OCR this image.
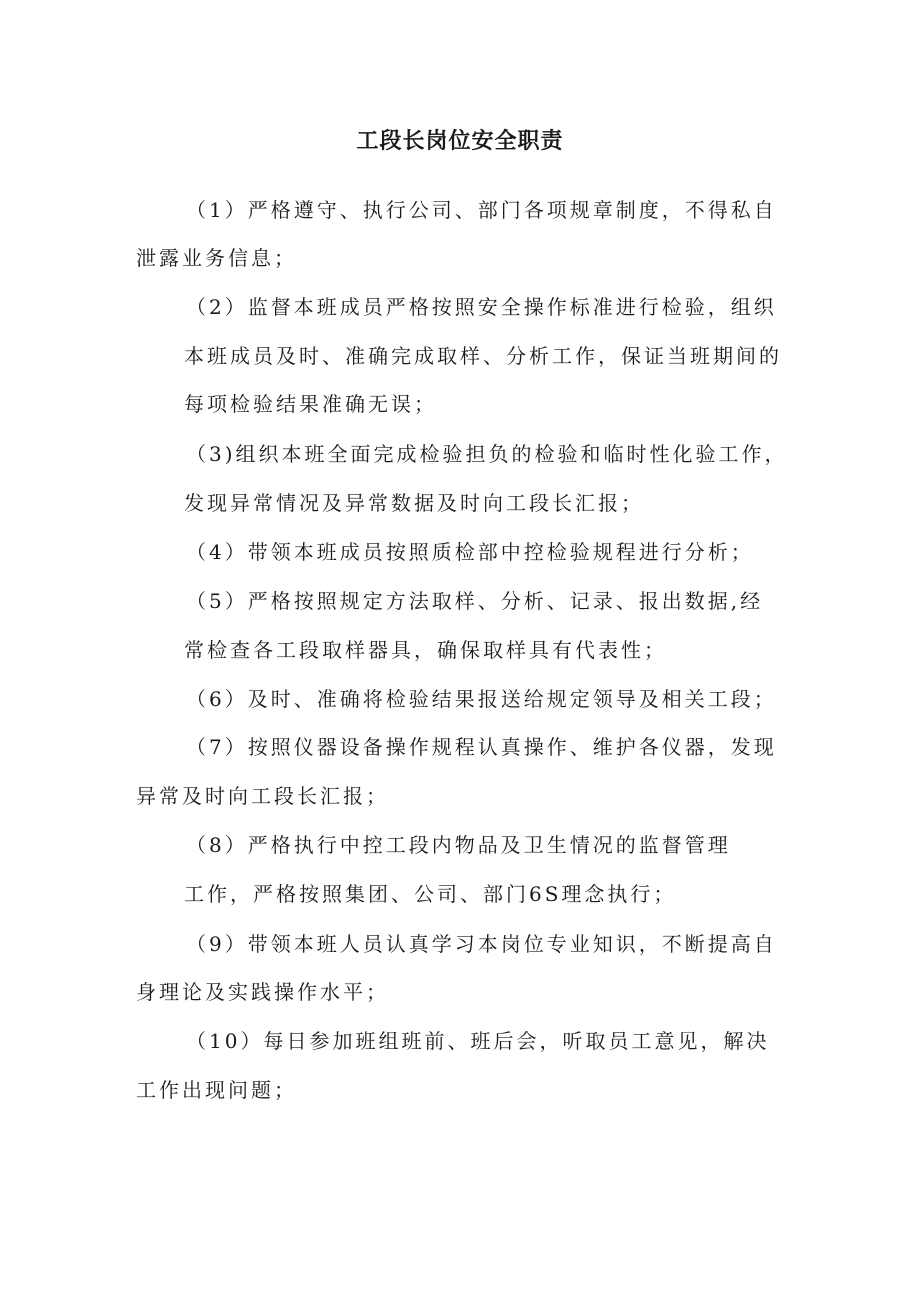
工段长岗位安全职责
（1）严格遵守、执行公司、部门各项规章制度，不得私自
泄露业务信息；
（2）监督本班成员严格按照安全操作标准进行检验，组织
本班成员及时、准确完成取样、分析工作，保证当班期间的
每项检验结果准确无误；
（3)组织本班全面完成检验担负的检验和临时性化验工作，
发现异常情况及异常数据及时向工段长汇报；
（4）带领本班成员按照质检部中控检验规程进行分析；
（5）严格按照规定方法取样、分析、记录、报出数据,经
常检查各工段取样器具，确保取样具有代表性；
（6）及时、准确将检验结果报送给规定领导及相关工段；
（7）按照仪器设备操作规程认真操作、维护各仪器，发现
异常及时向工段长汇报；
（8）严格执行中控工段内物品及卫生情况的监督管理
工作，严格按照集团、公司、部门6S理念执行；
（9）带领本班人员认真学习本岗位专业知识，不断提高自
身理论及实践操作水平；
（10）每日参加班组班前、班后会，听取员工意见，解决
工作出现问题；
